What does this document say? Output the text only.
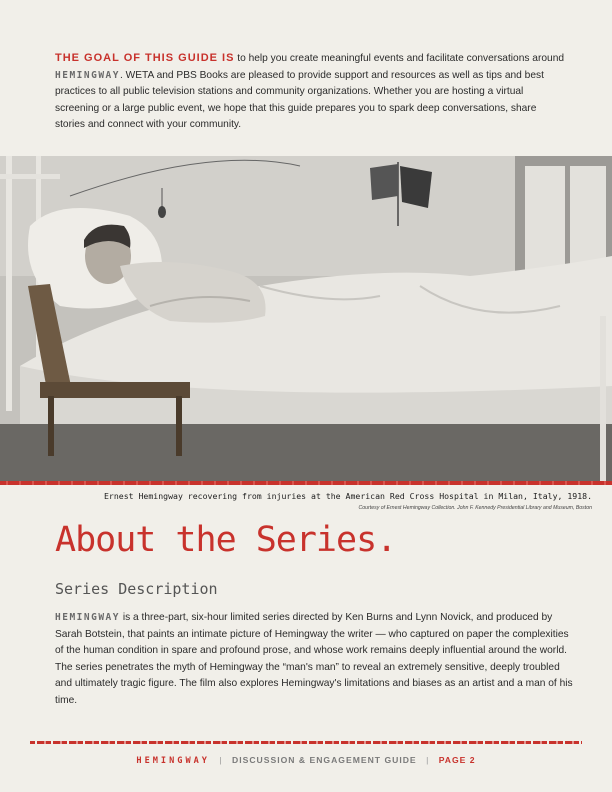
THE GOAL OF THIS GUIDE IS to help you create meaningful events and facilitate conversations around HEMINGWAY. WETA and PBS Books are pleased to provide support and resources as well as tips and best practices to all public television stations and community organizations. Whether you are hosting a virtual screening or a large public event, we hope that this guide prepares you to spark deep conversations, share stories and connect with your community.
Ernest Hemingway recovering from injuries at the American Red Cross Hospital in Milan, Italy, 1918.
Courtesy of Ernest Hemingway Collection. John F. Kennedy Presidential Library and Museum, Boston
About the Series.
Series Description
HEMINGWAY is a three-part, six-hour limited series directed by Ken Burns and Lynn Novick, and produced by Sarah Botstein, that paints an intimate picture of Hemingway the writer — who captured on paper the complexities of the human condition in spare and profound prose, and whose work remains deeply influential around the world. The series penetrates the myth of Hemingway the “man's man” to reveal an extremely sensitive, deeply troubled and ultimately tragic figure. The film also explores Hemingway's limitations and biases as an artist and a man of his time.
HEMINGWAY | DISCUSSION & ENGAGEMENT GUIDE | PAGE 2
